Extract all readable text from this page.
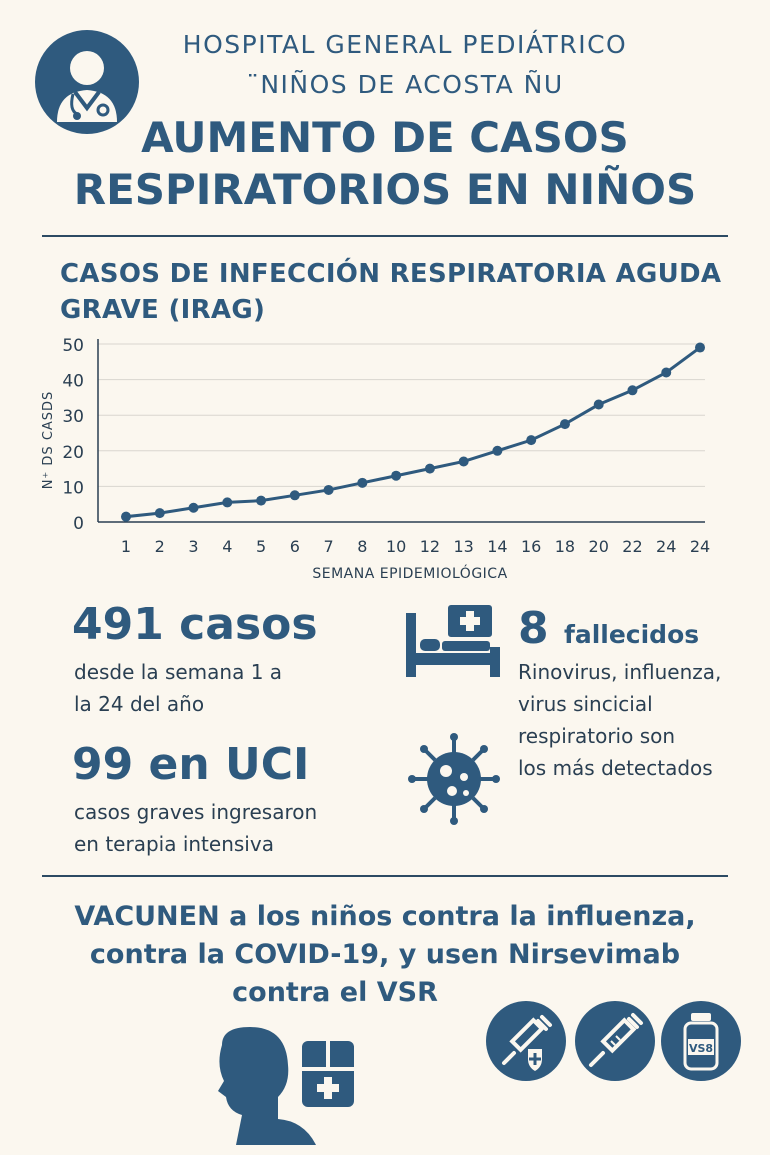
HOSPITAL GENERAL PEDIÁTRICO
¨NIÑOS DE ACOSTA ÑU
AUMENTO DE CASOS
RESPIRATORIOS EN NIÑOS
CASOS DE INFECCIÓN RESPIRATORIA AGUDA
GRAVE (IRAG)
0
10
20
30
40
50
1 2 3 4 5 6 7 8 10 12 13 14 16 18 20 22 24 24
SEMANA EPIDEMIOLÓGICA
N⁺ DS CASDS
491 casos
desde la semana 1 a
la 24 del año
99 en UCI
casos graves ingresaron
en terapia intensiva
8 fallecidos
Rinovirus, influenza,
virus sincicial
respiratorio son
los más detectados
VACUNEN a los niños contra la influenza,
contra la COVID-19, y usen Nirsevimab
contra el VSR
VS8
